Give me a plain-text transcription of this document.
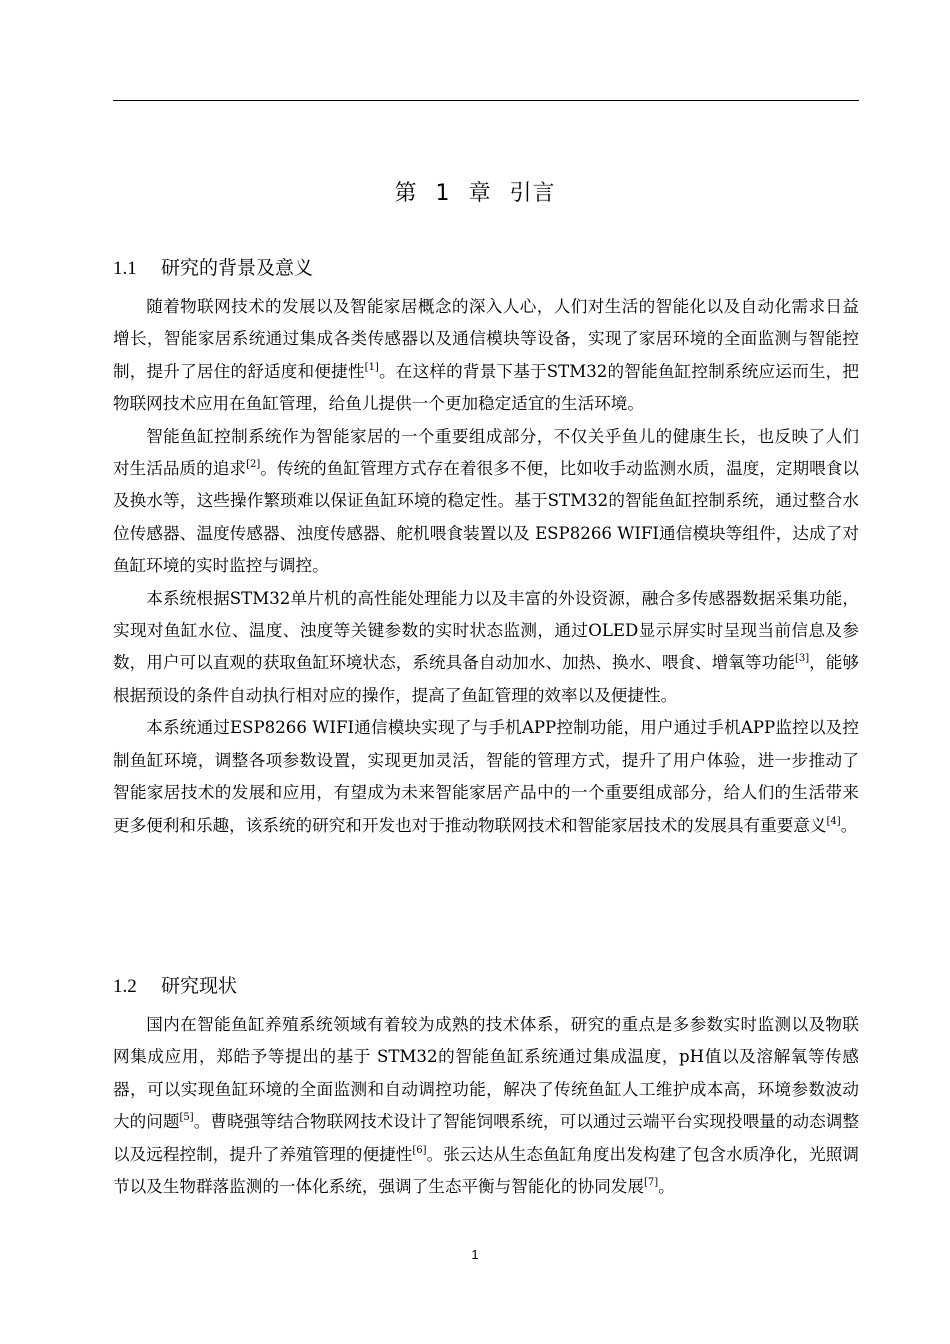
第 1 章 引言
1.1 研究的背景及意义

随着物联网技术的发展以及智能家居概念的深入人心，人们对生活的智能化以及自动化需求日益增长，智能家居系统通过集成各类传感器以及通信模块等设备，实现了家居环境的全面监测与智能控制，提升了居住的舒适度和便捷性[1]。在这样的背景下基于STM32的智能鱼缸控制系统应运而生，把物联网技术应用在鱼缸管理，给鱼儿提供一个更加稳定适宜的生活环境。

智能鱼缸控制系统作为智能家居的一个重要组成部分，不仅关乎鱼儿的健康生长，也反映了人们对生活品质的追求[2]。传统的鱼缸管理方式存在着很多不便，比如收手动监测水质，温度，定期喂食以及换水等，这些操作繁琐难以保证鱼缸环境的稳定性。基于STM32的智能鱼缸控制系统，通过整合水位传感器、温度传感器、浊度传感器、舵机喂食装置以及 ESP8266 WIFI通信模块等组件，达成了对鱼缸环境的实时监控与调控。

本系统根据STM32单片机的高性能处理能力以及丰富的外设资源，融合多传感器数据采集功能，实现对鱼缸水位、温度、浊度等关键参数的实时状态监测，通过OLED显示屏实时呈现当前信息及参数，用户可以直观的获取鱼缸环境状态，系统具备自动加水、加热、换水、喂食、增氧等功能[3]，能够根据预设的条件自动执行相对应的操作，提高了鱼缸管理的效率以及便捷性。

本系统通过ESP8266 WIFI通信模块实现了与手机APP控制功能，用户通过手机APP监控以及控制鱼缸环境，调整各项参数设置，实现更加灵活，智能的管理方式，提升了用户体验，进一步推动了智能家居技术的发展和应用，有望成为未来智能家居产品中的一个重要组成部分，给人们的生活带来更多便利和乐趣，该系统的研究和开发也对于推动物联网技术和智能家居技术的发展具有重要意义[4]。

1.2 研究现状

国内在智能鱼缸养殖系统领域有着较为成熟的技术体系，研究的重点是多参数实时监测以及物联网集成应用，郑皓予等提出的基于 STM32的智能鱼缸系统通过集成温度，pH值以及溶解氧等传感器，可以实现鱼缸环境的全面监测和自动调控功能，解决了传统鱼缸人工维护成本高，环境参数波动大的问题[5]。曹晓强等结合物联网技术设计了智能饲喂系统，可以通过云端平台实现投喂量的动态调整以及远程控制，提升了养殖管理的便捷性[6]。张云达从生态鱼缸角度出发构建了包含水质净化，光照调节以及生物群落监测的一体化系统，强调了生态平衡与智能化的协同发展[7]。

1
